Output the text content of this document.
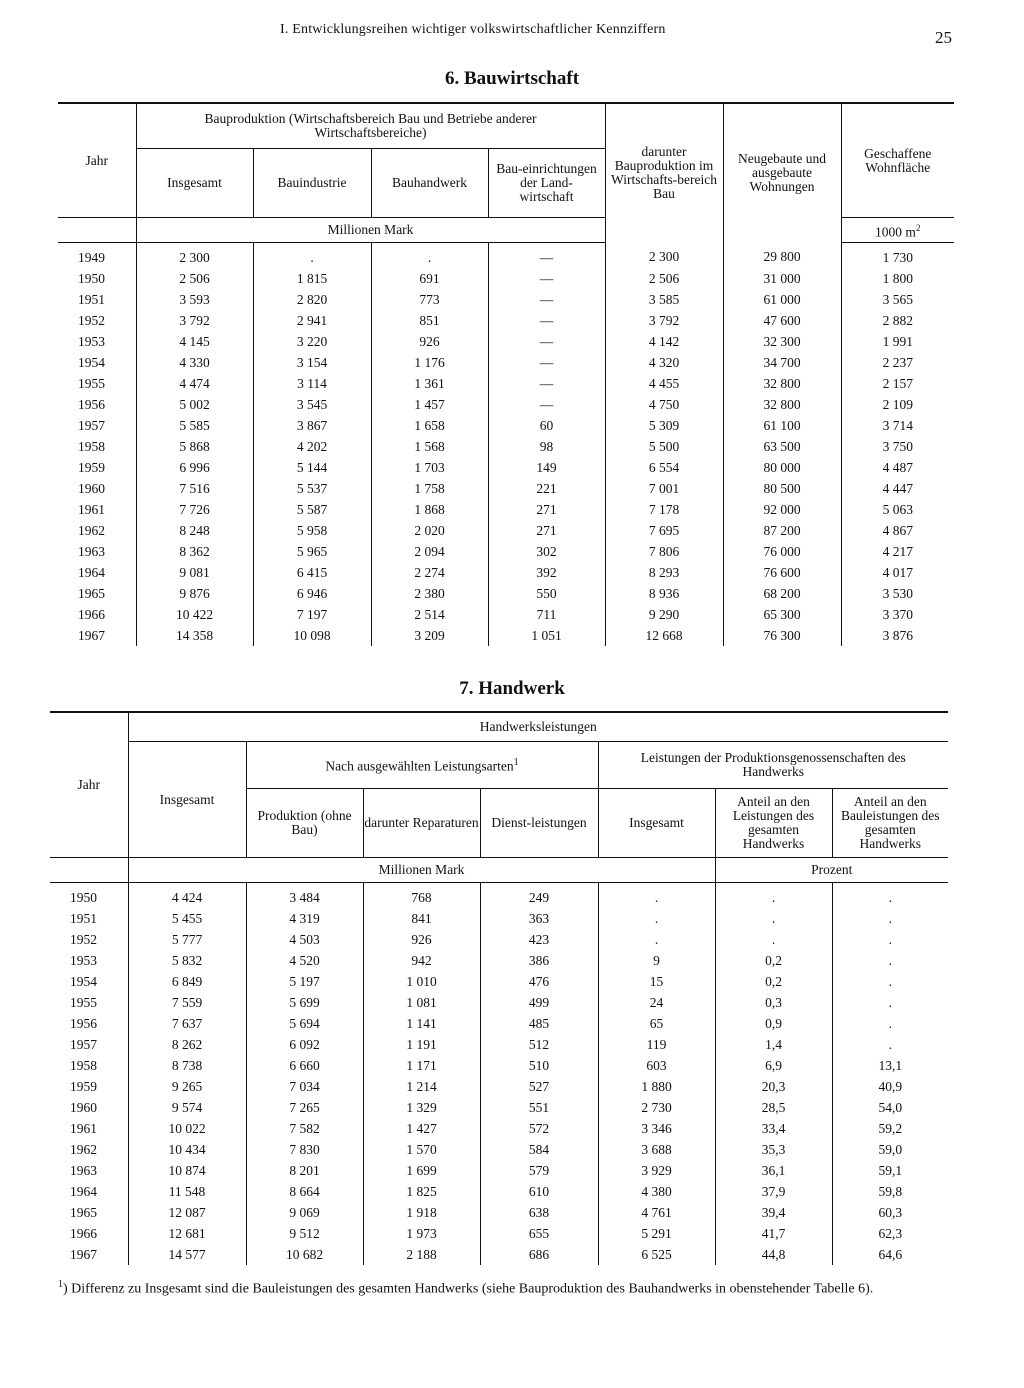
I. Entwicklungsreihen wichtiger volkswirtschaftlicher Kennziffern	25
6. Bauwirtschaft
Jahr	Bauproduktion (Wirtschaftsbereich Bau und Betriebe anderer Wirtschaftsbereiche)				darunter Bauproduktion im Wirtschafts-bereich Bau	Neugebaute und ausgebaute Wohnungen	Geschaffene Wohnfläche
	Insgesamt	Bauindustrie	Bauhandwerk	Bau-einrichtungen der Land-wirtschaft			
	Millionen Mark						1000 $m^2$
1949	2 300	.	.	—	2 300	29 800	1 730
1950	2 506	1 815	691	—	2 506	31 000	1 800
1951	3 593	2 820	773	—	3 585	61 000	3 565
1952	3 792	2 941	851	—	3 792	47 600	2 882
1953	4 145	3 220	926	—	4 142	32 300	1 991
1954	4 330	3 154	1 176	—	4 320	34 700	2 237
1955	4 474	3 114	1 361	—	4 455	32 800	2 157
1956	5 002	3 545	1 457	—	4 750	32 800	2 109
1957	5 585	3 867	1 658	60	5 309	61 100	3 714
1958	5 868	4 202	1 568	98	5 500	63 500	3 750
1959	6 996	5 144	1 703	149	6 554	80 000	4 487
1960	7 516	5 537	1 758	221	7 001	80 500	4 447
1961	7 726	5 587	1 868	271	7 178	92 000	5 063
1962	8 248	5 958	2 020	271	7 695	87 200	4 867
1963	8 362	5 965	2 094	302	7 806	76 000	4 217
1964	9 081	6 415	2 274	392	8 293	76 600	4 017
1965	9 876	6 946	2 380	550	8 936	68 200	3 530
1966	10 422	7 197	2 514	711	9 290	65 300	3 370
1967	14 358	10 098	3 209	1 051	12 668	76 300	3 876
7. Handwerk
Jahr	Handwerksleistungen						
	Insgesamt	Nach ausgewählten Leistungsarten$^1$			Leistungen der Produktionsgenossenschaften des Handwerks		
		Produktion (ohne Bau)	darunter Reparaturen	Dienst-leistungen	Insgesamt	Anteil an den Leistungen des gesamten Handwerks	Anteil an den Bauleistungen des gesamten Handwerks
	Millionen Mark					Prozent	
1950	4 424	3 484	768	249	.	.	.
1951	5 455	4 319	841	363	.	.	.
1952	5 777	4 503	926	423	.	.	.
1953	5 832	4 520	942	386	9	0,2	.
1954	6 849	5 197	1 010	476	15	0,2	.
1955	7 559	5 699	1 081	499	24	0,3	.
1956	7 637	5 694	1 141	485	65	0,9	.
1957	8 262	6 092	1 191	512	119	1,4	.
1958	8 738	6 660	1 171	510	603	6,9	13,1
1959	9 265	7 034	1 214	527	1 880	20,3	40,9
1960	9 574	7 265	1 329	551	2 730	28,5	54,0
1961	10 022	7 582	1 427	572	3 346	33,4	59,2
1962	10 434	7 830	1 570	584	3 688	35,3	59,0
1963	10 874	8 201	1 699	579	3 929	36,1	59,1
1964	11 548	8 664	1 825	610	4 380	37,9	59,8
1965	12 087	9 069	1 918	638	4 761	39,4	60,3
1966	12 681	9 512	1 973	655	5 291	41,7	62,3
1967	14 577	10 682	2 188	686	6 525	44,8	64,6
$^1$) Differenz zu Insgesamt sind die Bauleistungen des gesamten Handwerks (siehe Bauproduktion des Bauhandwerks in obenstehender Tabelle 6).
